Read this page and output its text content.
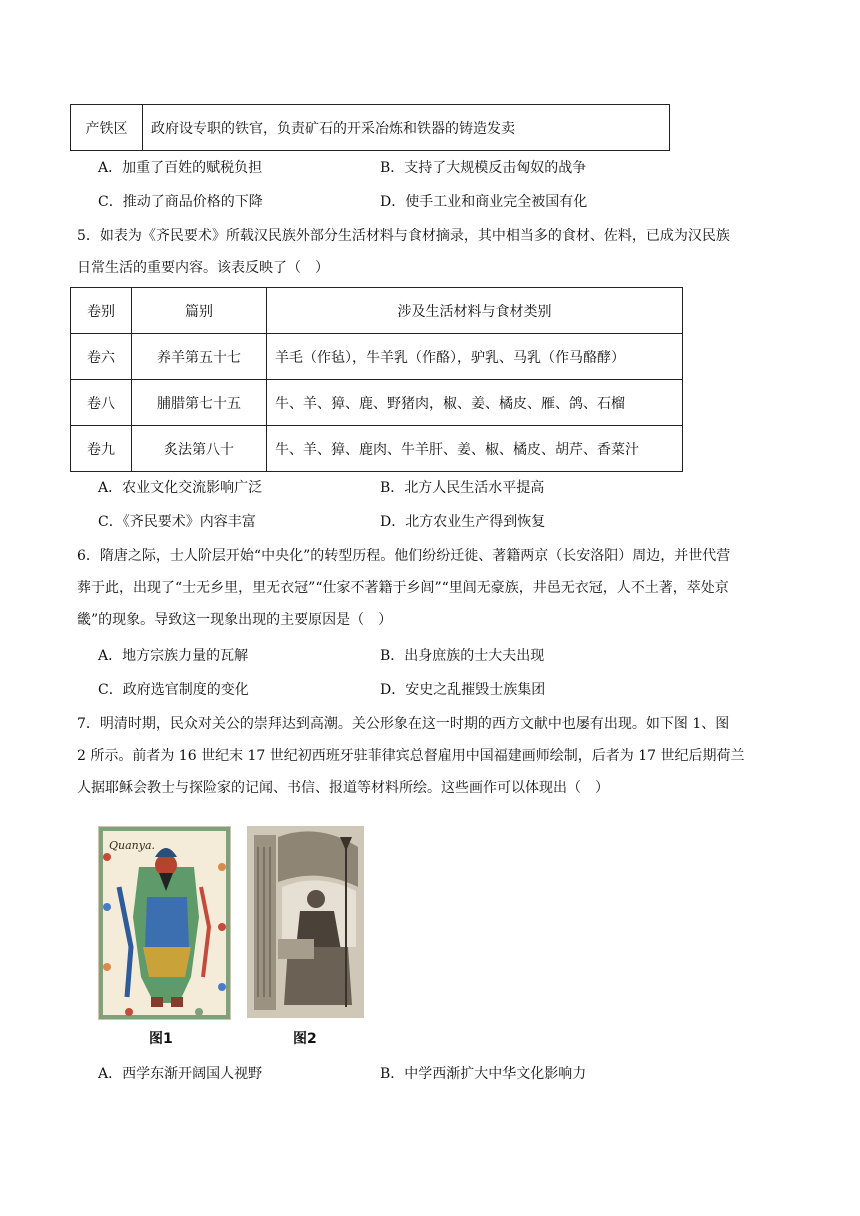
产铁区	政府设专职的铁官，负责矿石的开采冶炼和铁器的铸造发卖
A．加重了百姓的赋税负担	B．支持了大规模反击匈奴的战争
C．推动了商品价格的下降	D．使手工业和商业完全被国有化
5．如表为《齐民要术》所载汉民族外部分生活材料与食材摘录，其中相当多的食材、佐料，已成为汉民族
日常生活的重要内容。该表反映了（　）
卷别	篇别	涉及生活材料与食材类别
卷六	养羊第五十七	羊毛（作毡），牛羊乳（作酪），驴乳、马乳（作马酪酵）
卷八	脯腊第七十五	牛、羊、獐、鹿、野猪肉，椒、姜、橘皮、雁、鸽、石榴
卷九	炙法第八十	牛、羊、獐、鹿肉、牛羊肝、姜、椒、橘皮、胡芹、香菜汁
A．农业文化交流影响广泛	B．北方人民生活水平提高
C．《齐民要术》内容丰富	D．北方农业生产得到恢复
6．隋唐之际，士人阶层开始“中央化”的转型历程。他们纷纷迁徙、著籍两京（长安洛阳）周边，并世代营
葬于此，出现了“士无乡里，里无衣冠”“仕家不著籍于乡闾”“里闾无豪族，井邑无衣冠，人不土著，萃处京
畿”的现象。导致这一现象出现的主要原因是（　）
A．地方宗族力量的瓦解	B．出身庶族的士大夫出现
C．政府选官制度的变化	D．安史之乱摧毁士族集团
7．明清时期，民众对关公的崇拜达到高潮。关公形象在这一时期的西方文献中也屡有出现。如下图 1、图
2 所示。前者为 16 世纪末 17 世纪初西班牙驻菲律宾总督雇用中国福建画师绘制，后者为 17 世纪后期荷兰
人据耶稣会教士与探险家的记闻、书信、报道等材料所绘。这些画作可以体现出（　）
Quanya.
图1	图2
A．西学东渐开阔国人视野	B．中学西渐扩大中华文化影响力
